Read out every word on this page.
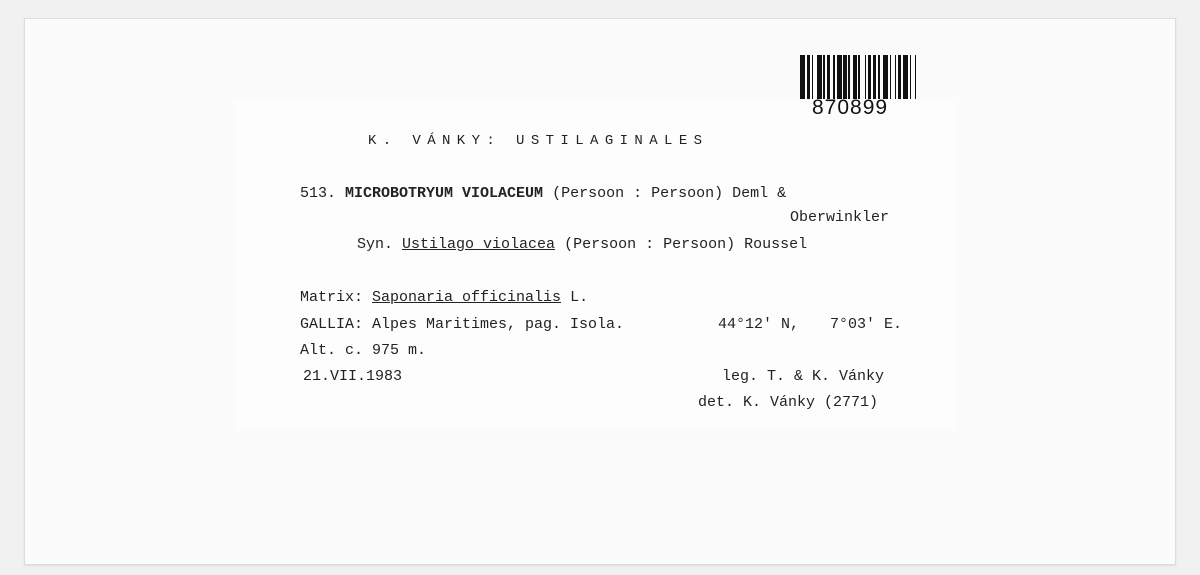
870899
K. VÁNKY: USTILAGINALES
513. MICROBOTRYUM VIOLACEUM (Persoon : Persoon) Deml &
Oberwinkler
Syn. Ustilago violacea (Persoon : Persoon) Roussel
Matrix: Saponaria officinalis L.
GALLIA: Alpes Maritimes, pag. Isola.	44°12' N, 7°03' E.
Alt. c. 975 m.
21.VII.1983	leg. T. & K. Vánky
det. K. Vánky (2771)
